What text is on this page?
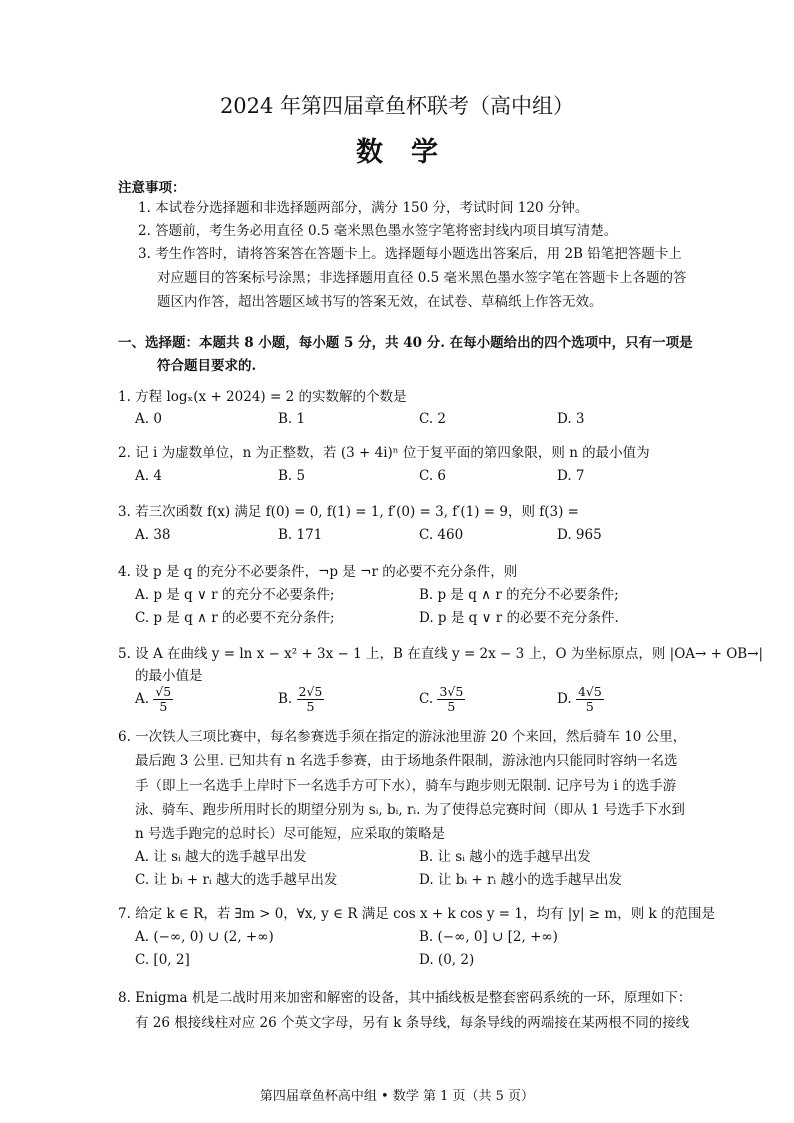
2024 年第四届章鱼杯联考（高中组）
数学
注意事项：
1. 本试卷分选择题和非选择题两部分，满分 150 分，考试时间 120 分钟。
2. 答题前，考生务必用直径 0.5 毫米黑色墨水签字笔将密封线内项目填写清楚。
3. 考生作答时，请将答案答在答题卡上。选择题每小题选出答案后，用 2B 铅笔把答题卡上
对应题目的答案标号涂黑；非选择题用直径 0.5 毫米黑色墨水签字笔在答题卡上各题的答
题区内作答，超出答题区域书写的答案无效，在试卷、草稿纸上作答无效。
一、选择题：本题共 8 小题，每小题 5 分，共 40 分. 在每小题给出的四个选项中，只有一项是
符合题目要求的.
1. 方程 logₓ(x + 2024) = 2 的实数解的个数是
A. 0	B. 1	C. 2	D. 3
2. 记 i 为虚数单位，n 为正整数，若 (3 + 4i)ⁿ 位于复平面的第四象限，则 n 的最小值为
A. 4	B. 5	C. 6	D. 7
3. 若三次函数 f(x) 满足 f(0) = 0, f(1) = 1, f′(0) = 3, f′(1) = 9，则 f(3) =
A. 38	B. 171	C. 460	D. 965
4. 设 p 是 q 的充分不必要条件，¬p 是 ¬r 的必要不充分条件，则
A. p 是 q ∨ r 的充分不必要条件;	B. p 是 q ∧ r 的充分不必要条件;
C. p 是 q ∧ r 的必要不充分条件;	D. p 是 q ∨ r 的必要不充分条件.
5. 设 A 在曲线 y = ln x − x² + 3x − 1 上，B 在直线 y = 2x − 3 上，O 为坐标原点，则 |OA→ + OB→|
的最小值是
A. $\frac{√5}{5}$	B. $\frac{2√5}{5}$	C. $\frac{3√5}{5}$	D. $\frac{4√5}{5}$
6. 一次铁人三项比赛中，每名参赛选手须在指定的游泳池里游 20 个来回，然后骑车 10 公里，
最后跑 3 公里. 已知共有 n 名选手参赛，由于场地条件限制，游泳池内只能同时容纳一名选
手（即上一名选手上岸时下一名选手方可下水），骑车与跑步则无限制. 记序号为 i 的选手游
泳、骑车、跑步所用时长的期望分别为 sᵢ, bᵢ, rᵢ. 为了使得总完赛时间（即从 1 号选手下水到
n 号选手跑完的总时长）尽可能短，应采取的策略是
A. 让 sᵢ 越大的选手越早出发	B. 让 sᵢ 越小的选手越早出发
C. 让 bᵢ + rᵢ 越大的选手越早出发	D. 让 bᵢ + rᵢ 越小的选手越早出发
7. 给定 k ∈ R，若 ∃m > 0，∀x, y ∈ R 满足 cos x + k cos y = 1，均有 |y| ≥ m，则 k 的范围是
A. (−∞, 0) ∪ (2, +∞)	B. (−∞, 0] ∪ [2, +∞)
C. [0, 2]	D. (0, 2)
8. Enigma 机是二战时用来加密和解密的设备，其中插线板是整套密码系统的一环，原理如下：
有 26 根接线柱对应 26 个英文字母，另有 k 条导线，每条导线的两端接在某两根不同的接线
第四届章鱼杯高中组 • 数学 第 1 页（共 5 页）
